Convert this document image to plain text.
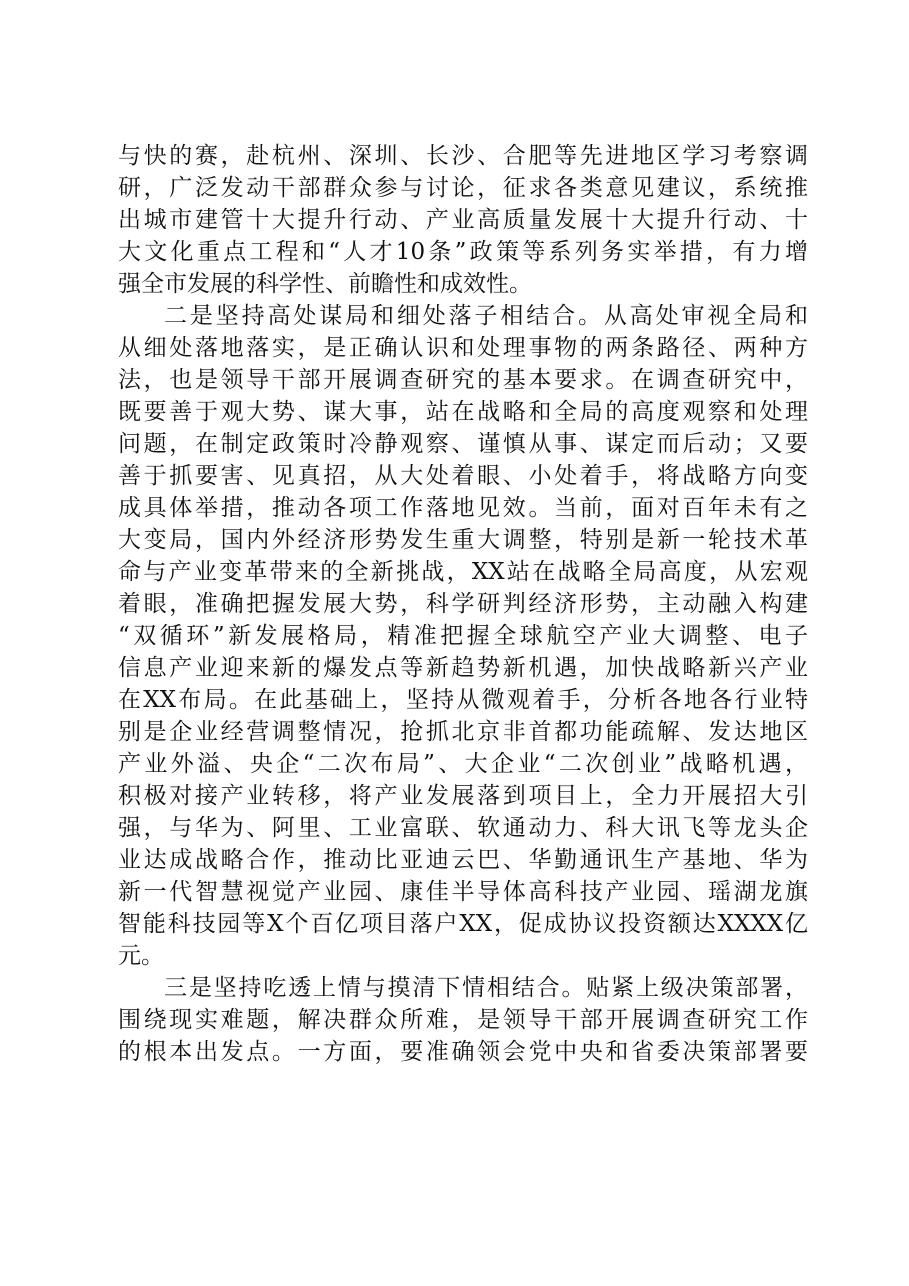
与快的赛，赴杭州、深圳、长沙、合肥等先进地区学习考察调
研，广泛发动干部群众参与讨论，征求各类意见建议，系统推
出城市建管十大提升行动、产业高质量发展十大提升行动、十
大文化重点工程和“人才10条”政策等系列务实举措，有力增
强全市发展的科学性、前瞻性和成效性。
二是坚持高处谋局和细处落子相结合。从高处审视全局和
从细处落地落实，是正确认识和处理事物的两条路径、两种方
法，也是领导干部开展调查研究的基本要求。在调查研究中，
既要善于观大势、谋大事，站在战略和全局的高度观察和处理
问题，在制定政策时冷静观察、谨慎从事、谋定而后动；又要
善于抓要害、见真招，从大处着眼、小处着手，将战略方向变
成具体举措，推动各项工作落地见效。当前，面对百年未有之
大变局，国内外经济形势发生重大调整，特别是新一轮技术革
命与产业变革带来的全新挑战，XX站在战略全局高度，从宏观
着眼，准确把握发展大势，科学研判经济形势，主动融入构建
“双循环”新发展格局，精准把握全球航空产业大调整、电子
信息产业迎来新的爆发点等新趋势新机遇，加快战略新兴产业
在XX布局。在此基础上，坚持从微观着手，分析各地各行业特
别是企业经营调整情况，抢抓北京非首都功能疏解、发达地区
产业外溢、央企“二次布局”、大企业“二次创业”战略机遇，
积极对接产业转移，将产业发展落到项目上，全力开展招大引
强，与华为、阿里、工业富联、软通动力、科大讯飞等龙头企
业达成战略合作，推动比亚迪云巴、华勤通讯生产基地、华为
新一代智慧视觉产业园、康佳半导体高科技产业园、瑶湖龙旗
智能科技园等X个百亿项目落户XX，促成协议投资额达XXXX亿
元。
三是坚持吃透上情与摸清下情相结合。贴紧上级决策部署，
围绕现实难题，解决群众所难，是领导干部开展调查研究工作
的根本出发点。一方面，要准确领会党中央和省委决策部署要
